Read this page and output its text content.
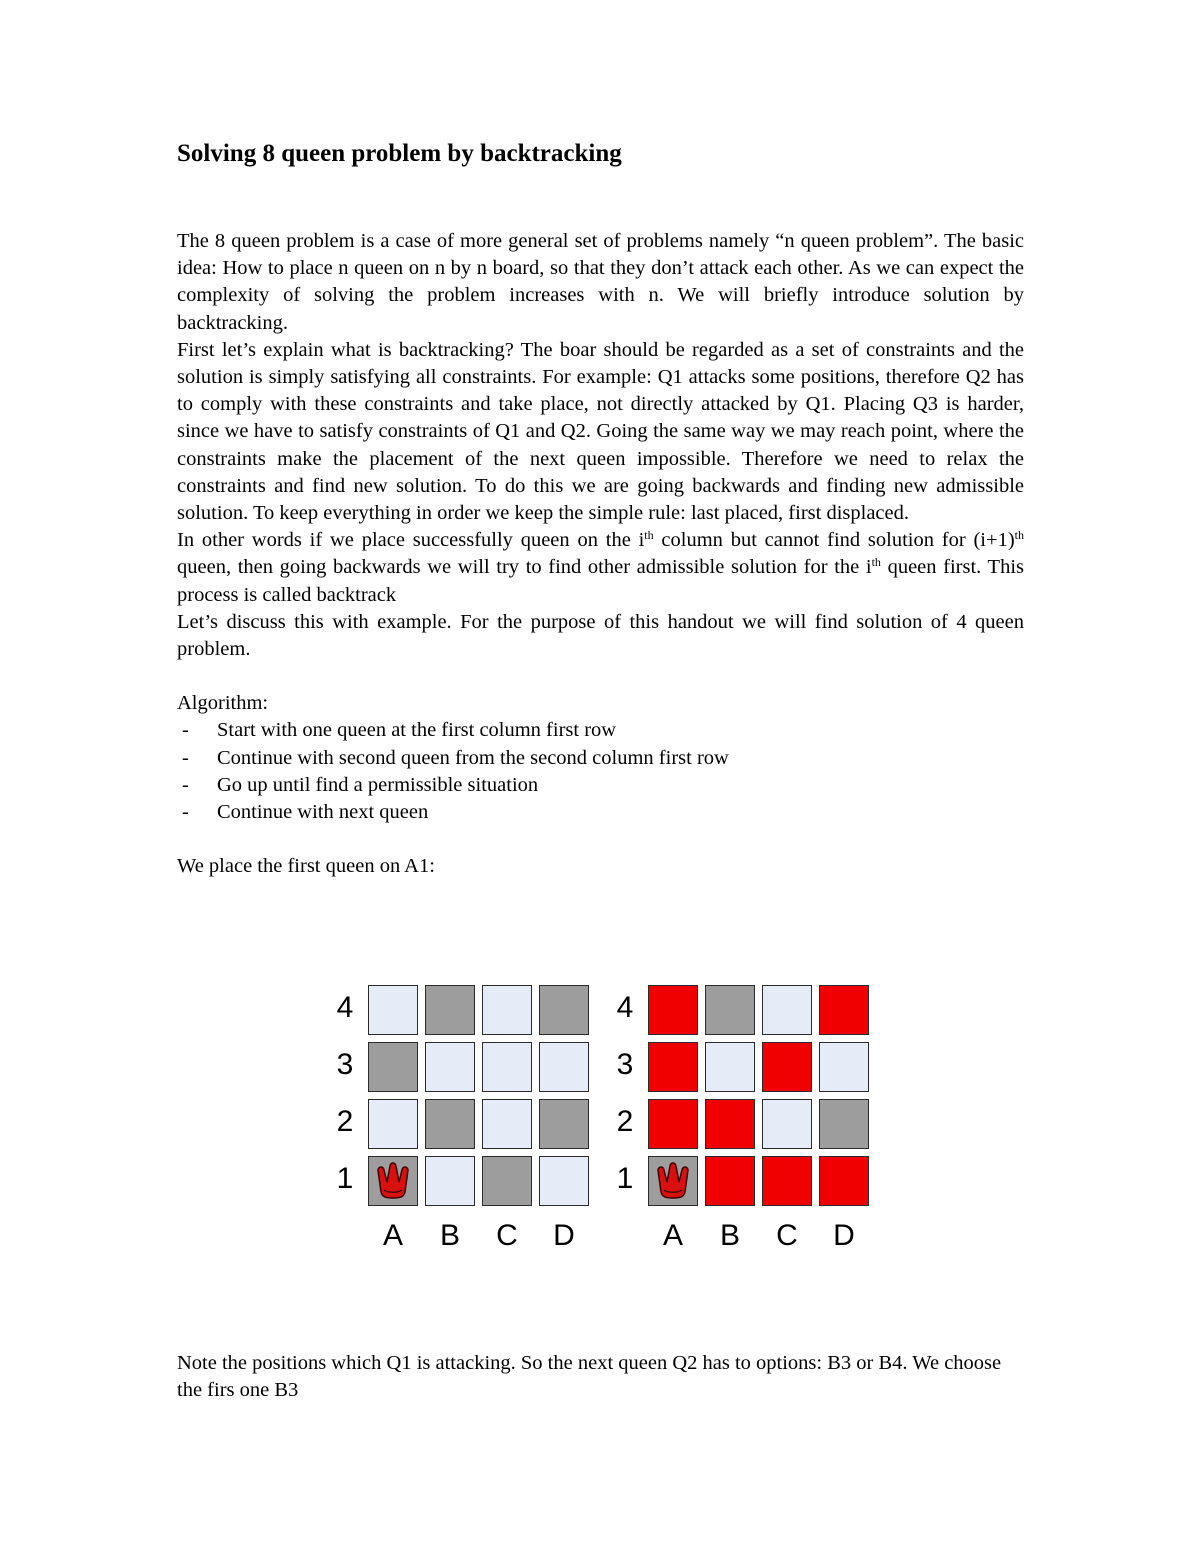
Solving 8 queen problem by backtracking

The 8 queen problem is a case of more general set of problems namely “n queen problem”. The basic idea: How to place n queen on n by n board, so that they don’t attack each other. As we can expect the complexity of solving the problem increases with n. We will briefly introduce solution by backtracking.

First let’s explain what is backtracking? The boar should be regarded as a set of constraints and the solution is simply satisfying all constraints. For example: Q1 attacks some positions, therefore Q2 has to comply with these constraints and take place, not directly attacked by Q1. Placing Q3 is harder, since we have to satisfy constraints of Q1 and Q2. Going the same way we may reach point, where the constraints make the placement of the next queen impossible. Therefore we need to relax the constraints and find new solution. To do this we are going backwards and finding new admissible solution. To keep everything in order we keep the simple rule: last placed, first displaced.

In other words if we place successfully queen on the $i^{th}$ column but cannot find solution for $(i+1)^{th}$ queen, then going backwards we will try to find other admissible solution for the $i^{th}$ queen first. This process is called backtrack

Let’s discuss this with example. For the purpose of this handout we will find solution of 4 queen problem.

Algorithm:

- Start with one queen at the first column first row
- Continue with second queen from the second column first row
- Go up until find a permissible situation
- Continue with next queen

We place the first queen on A1:

4
3
2
1
A	B	C	D
4
3
2
1
A	B	C	D

Note the positions which Q1 is attacking. So the next queen Q2 has to options: B3 or B4. We choose the firs one B3
